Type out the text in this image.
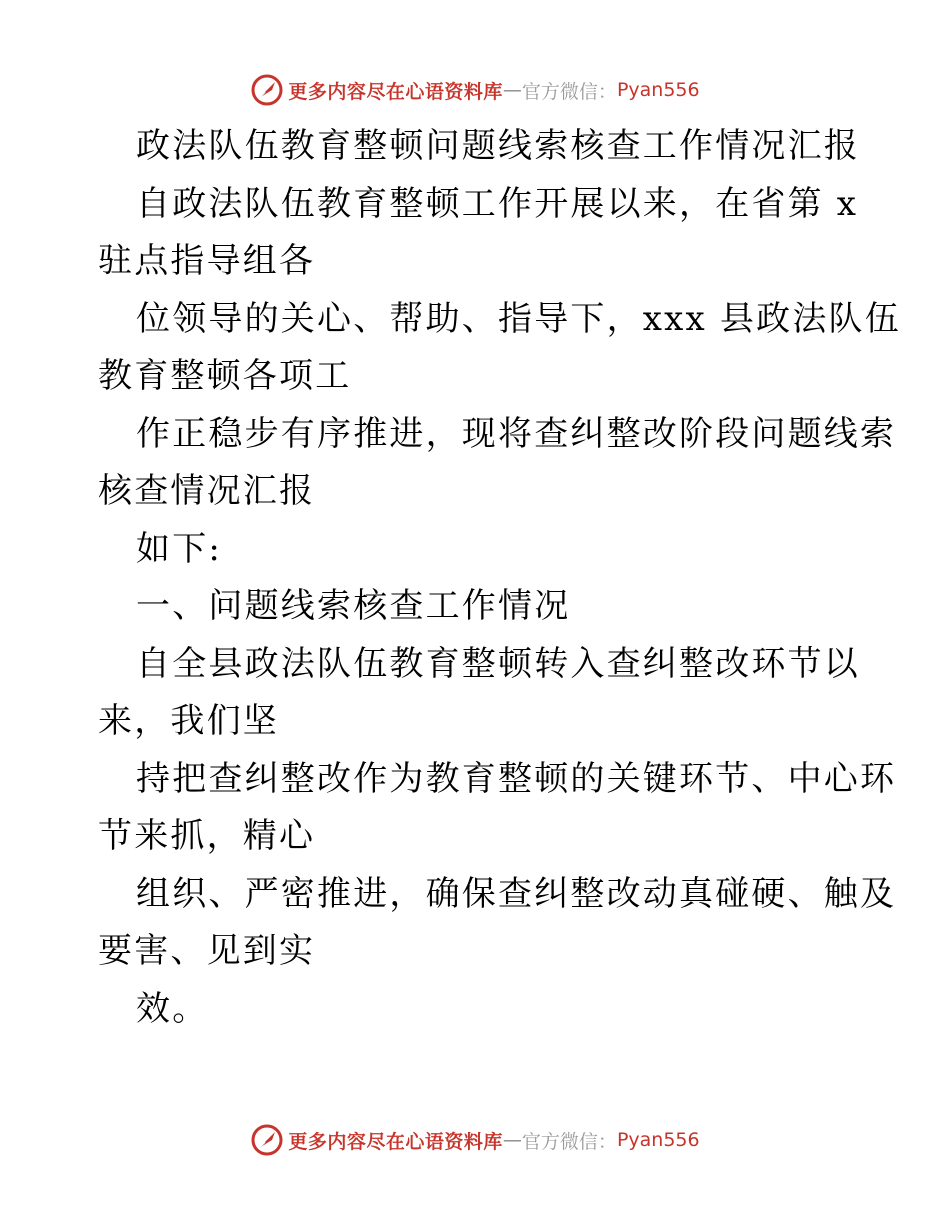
更多内容尽在心语资料库 — 官方微信： Pyan556
政法队伍教育整顿问题线索核查工作情况汇报
自政法队伍教育整顿工作开展以来，在省第 x
驻点指导组各
位领导的关心、帮助、指导下，xxx 县政法队伍
教育整顿各项工
作正稳步有序推进，现将查纠整改阶段问题线索
核查情况汇报
如下:
一、问题线索核查工作情况
自全县政法队伍教育整顿转入查纠整改环节以
来，我们坚
持把查纠整改作为教育整顿的关键环节、中心环
节来抓，精心
组织、严密推进，确保查纠整改动真碰硬、触及
要害、见到实
效。
更多内容尽在心语资料库 — 官方微信： Pyan556
